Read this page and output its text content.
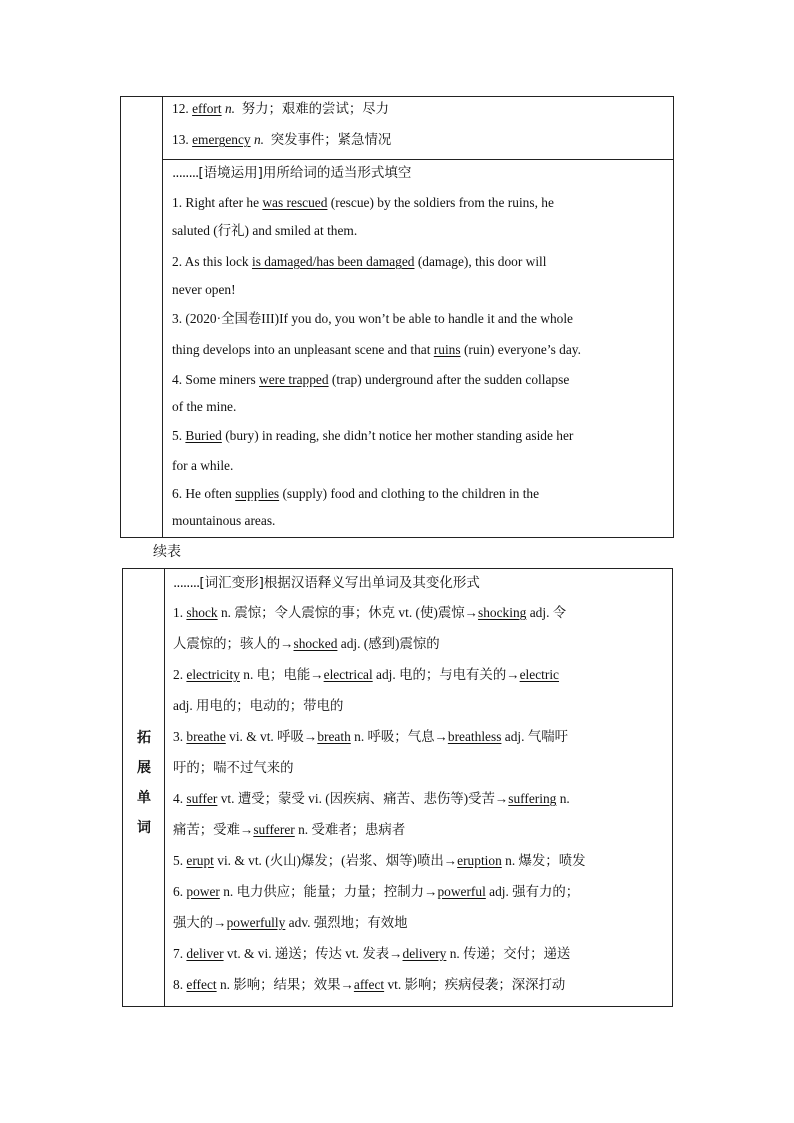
12. effort n. 努力；艰难的尝试；尽力
13. emergency n. 突发事件；紧急情况
........[语境运用]用所给词的适当形式填空
1. Right after he was rescued (rescue) by the soldiers from the ruins, he
saluted (行礼) and smiled at them.
2. As this lock is damaged/has been damaged (damage), this door will
never open!
3. (2020·全国卷III)If you do, you won’t be able to handle it and the whole
thing develops into an unpleasant scene and that ruins (ruin) everyone’s day.
4. Some miners were trapped (trap) underground after the sudden collapse
of the mine.
5. Buried (bury) in reading, she didn’t notice her mother standing aside her
for a while.
6. He often supplies (supply) food and clothing to the children in the
mountainous areas.
续表
拓
展
单
词
........[词汇变形]根据汉语释义写出单词及其变化形式
1. shock n. 震惊；令人震惊的事；休克 vt. (使)震惊→shocking adj. 令
人震惊的；骇人的→shocked adj. (感到)震惊的
2. electricity n. 电；电能→electrical adj. 电的；与电有关的→electric
adj. 用电的；电动的；带电的
3. breathe vi. & vt. 呼吸→breath n. 呼吸；气息→breathless adj. 气喘吁
吁的；喘不过气来的
4. suffer vt. 遭受；蒙受 vi. (因疾病、痛苦、悲伤等)受苦→suffering n.
痛苦；受难→sufferer n. 受难者；患病者
5. erupt vi. & vt. (火山)爆发；(岩浆、烟等)喷出→eruption n. 爆发；喷发
6. power n. 电力供应；能量；力量；控制力→powerful adj. 强有力的；
强大的→powerfully adv. 强烈地；有效地
7. deliver vt. & vi. 递送；传达 vt. 发表→delivery n. 传递；交付；递送
8. effect n. 影响；结果；效果→affect vt. 影响；疾病侵袭；深深打动
